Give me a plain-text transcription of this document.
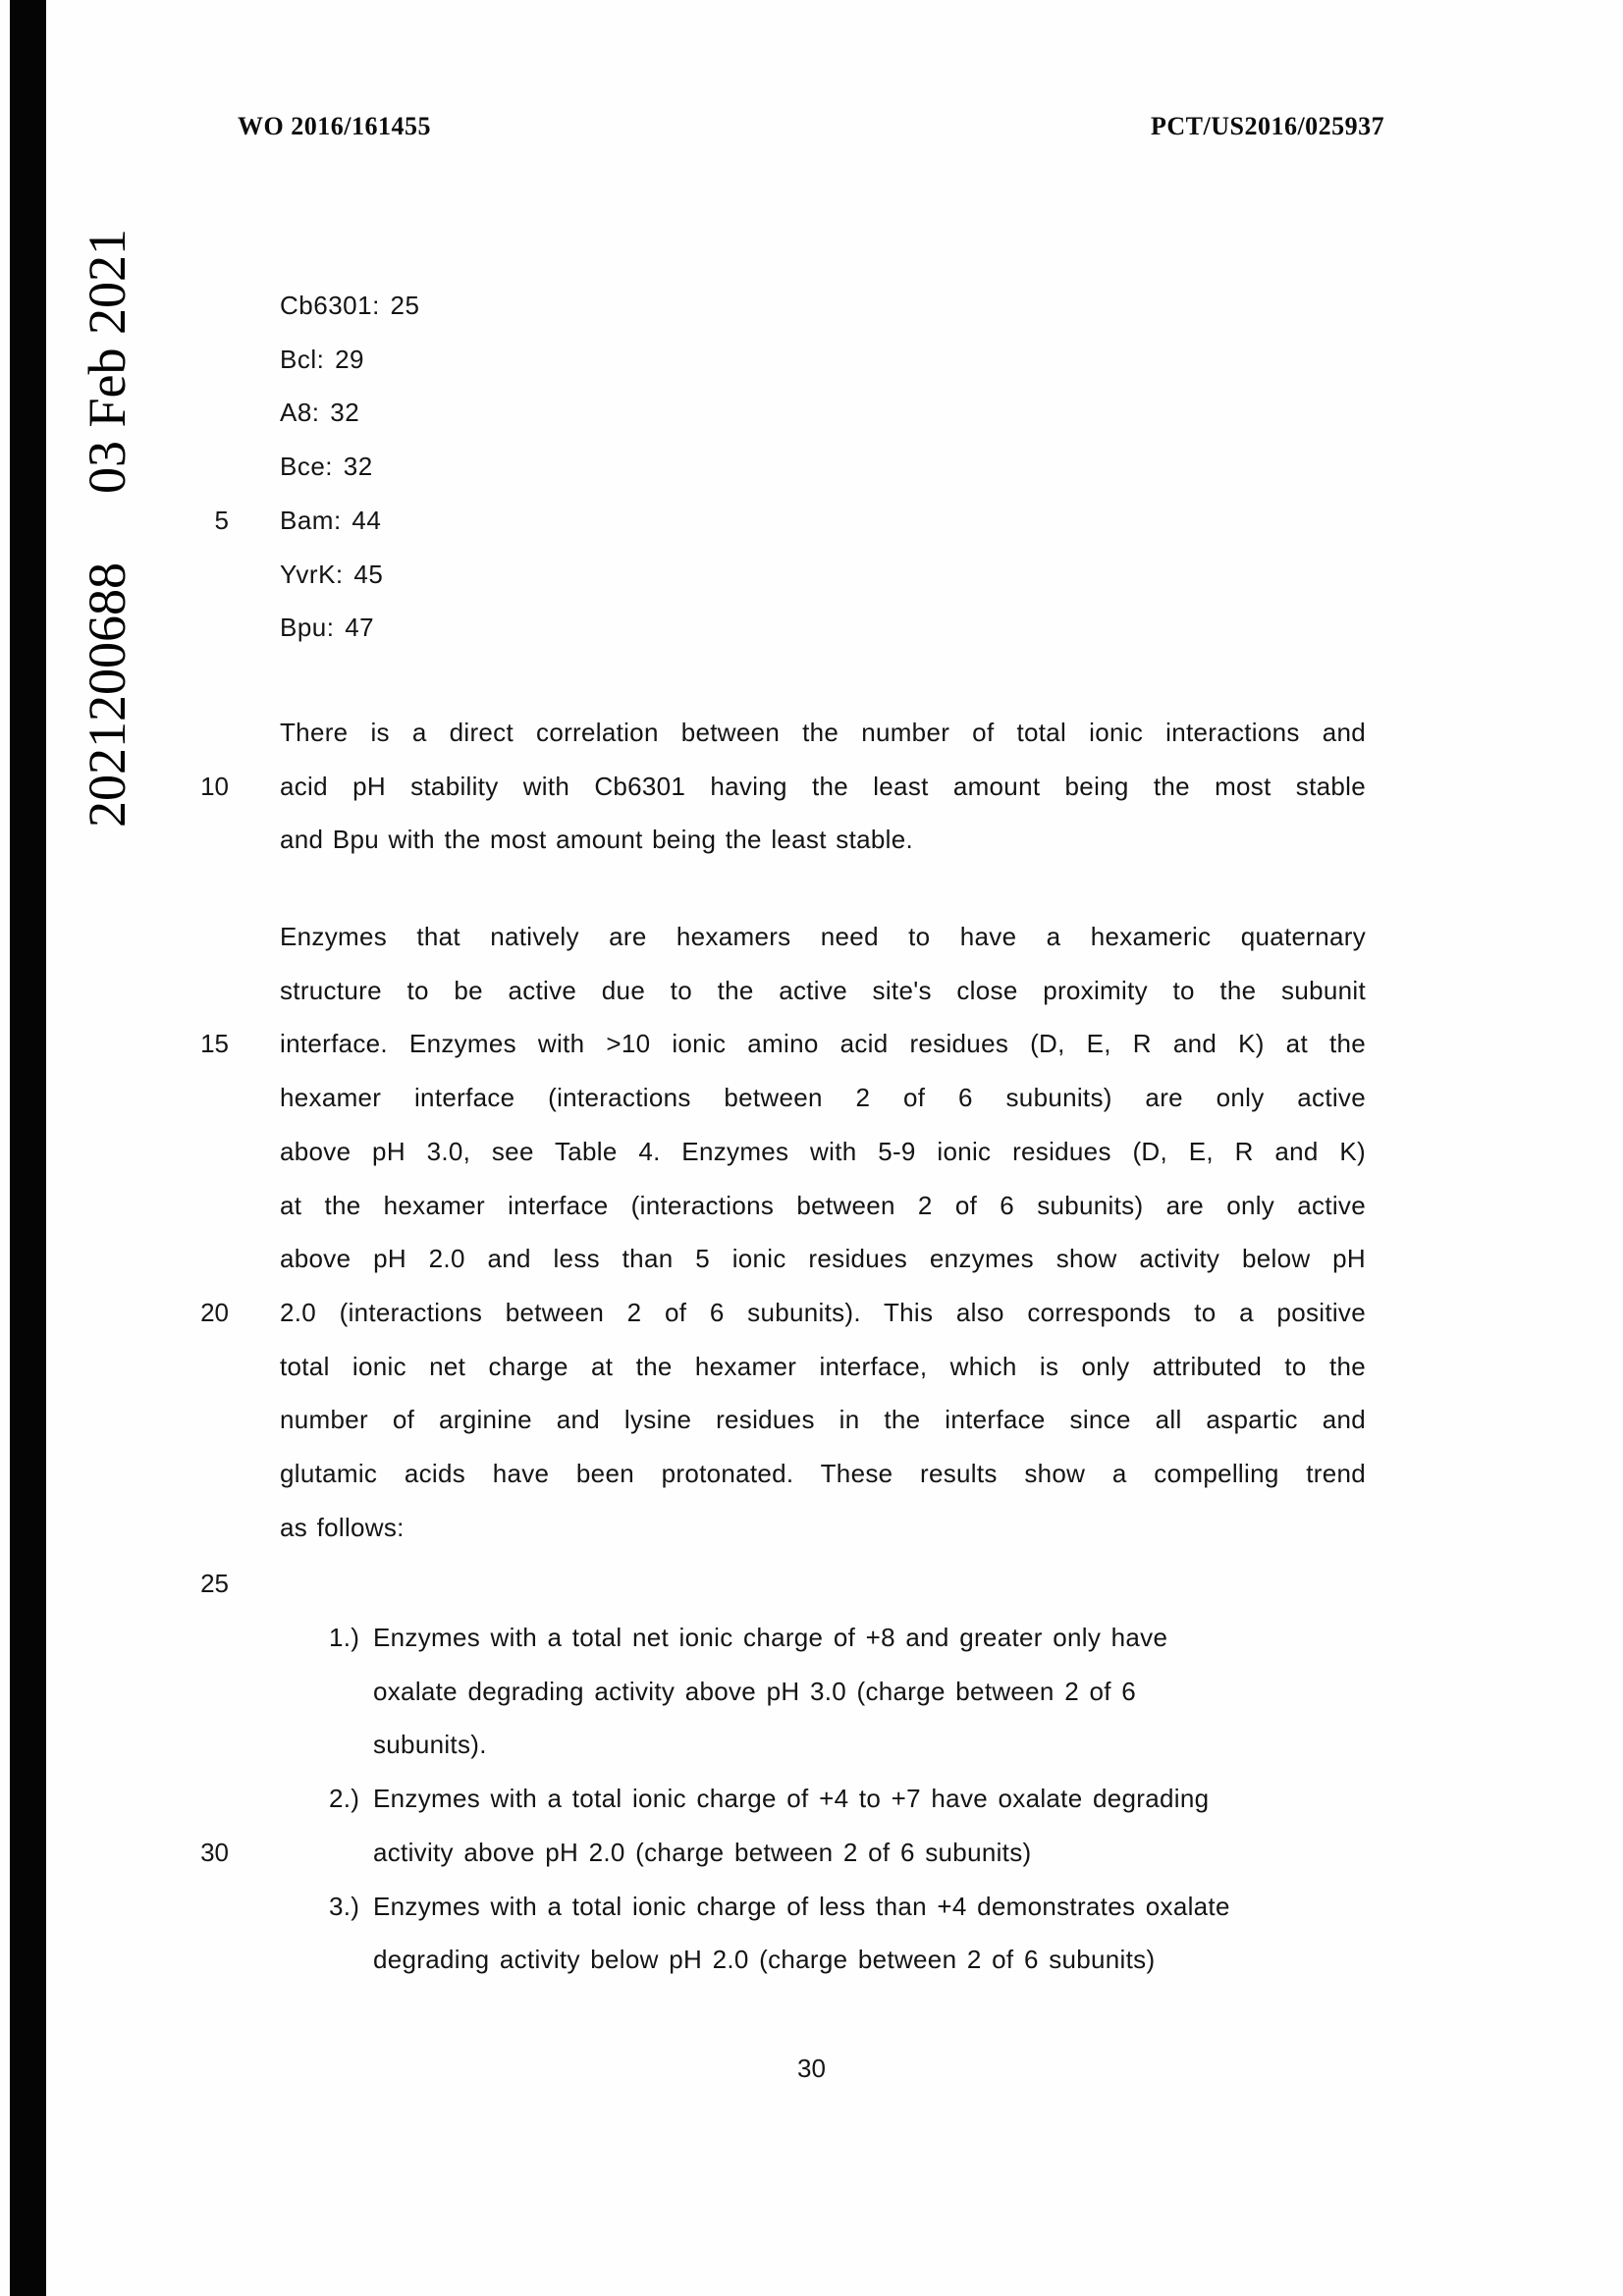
WO 2016/161455	PCT/US2016/025937
202120068803 Feb 2021
5
10
15
20
25
30
Cb6301: 25
Bcl: 29
A8: 32
Bce: 32
Bam: 44
YvrK: 45
Bpu: 47
There is a direct correlation between the number of total ionic interactions and
acid pH stability with Cb6301 having the least amount being the most stable
and Bpu with the most amount being the least stable.
Enzymes that natively are hexamers need to have a hexameric quaternary
structure to be active due to the active site's close proximity to the subunit
interface. Enzymes with >10 ionic amino acid residues (D, E, R and K) at the
hexamer interface (interactions between 2 of 6 subunits) are only active
above pH 3.0, see Table 4. Enzymes with 5-9 ionic residues (D, E, R and K)
at the hexamer interface (interactions between 2 of 6 subunits) are only active
above pH 2.0 and less than 5 ionic residues enzymes show activity below pH
2.0 (interactions between 2 of 6 subunits). This also corresponds to a positive
total ionic net charge at the hexamer interface, which is only attributed to the
number of arginine and lysine residues in the interface since all aspartic and
glutamic acids have been protonated. These results show a compelling trend
as follows:
1.) Enzymes with a total net ionic charge of +8 and greater only have
oxalate degrading activity above pH 3.0 (charge between 2 of 6
subunits).
2.) Enzymes with a total ionic charge of +4 to +7 have oxalate degrading
activity above pH 2.0 (charge between 2 of 6 subunits)
3.) Enzymes with a total ionic charge of less than +4 demonstrates oxalate
degrading activity below pH 2.0 (charge between 2 of 6 subunits)
30
